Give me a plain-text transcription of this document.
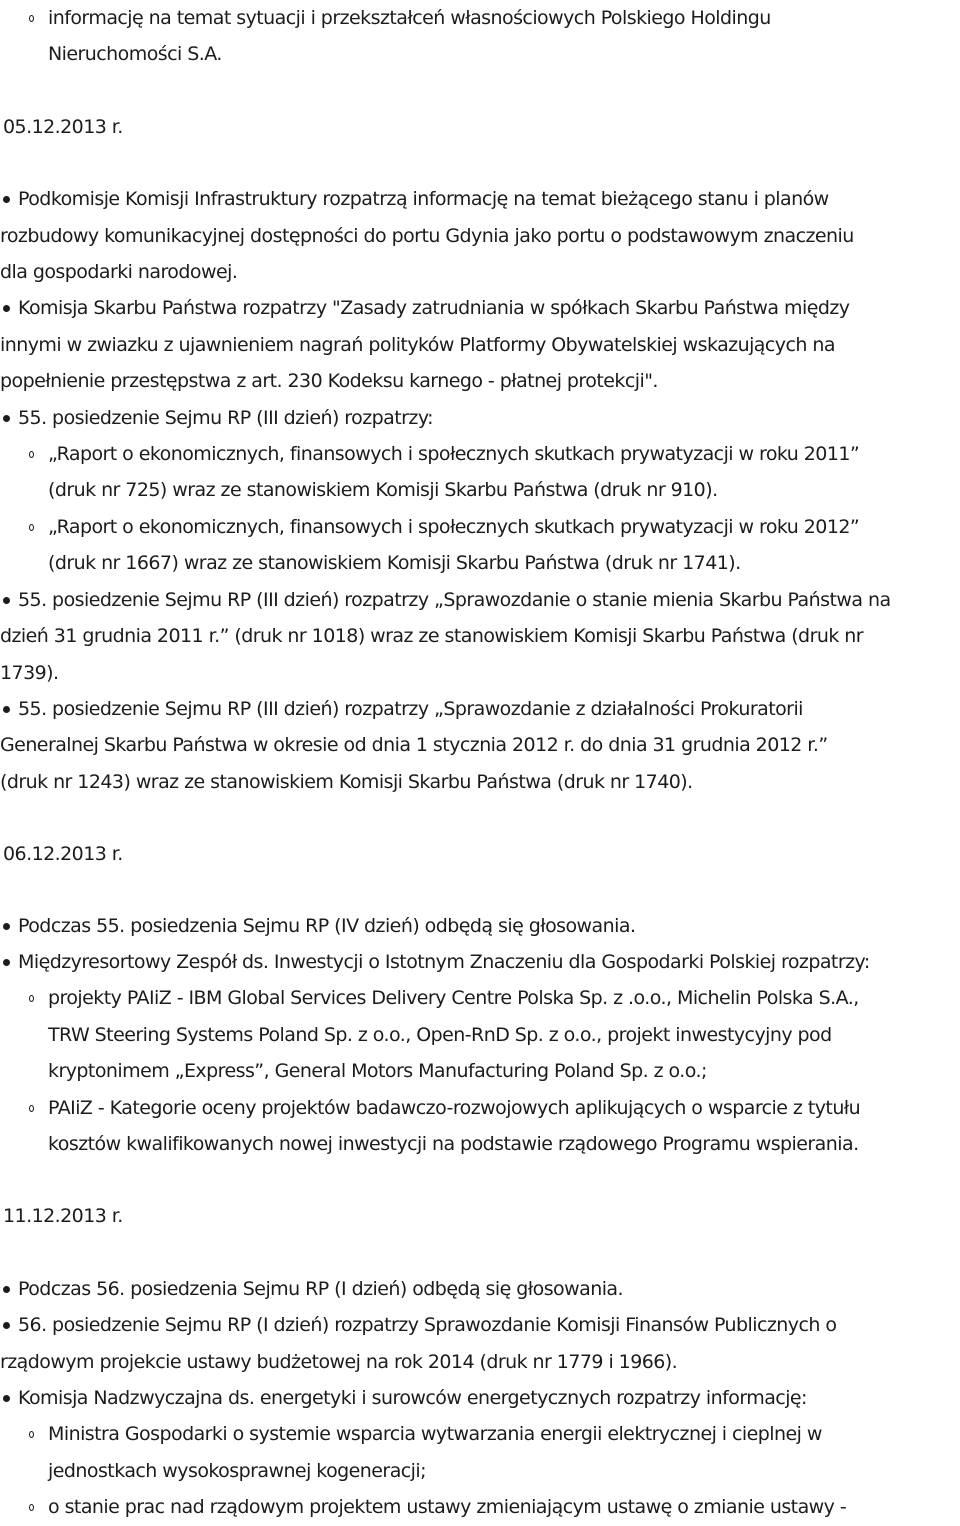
informację na temat sytuacji i przekształceń własnościowych Polskiego Holdingu
Nieruchomości S.A.
05.12.2013 r.
Podkomisje Komisji Infrastruktury rozpatrzą informację na temat bieżącego stanu i planów
rozbudowy komunikacyjnej dostępności do portu Gdynia jako portu o podstawowym znaczeniu
dla gospodarki narodowej.
Komisja Skarbu Państwa rozpatrzy "Zasady zatrudniania w spółkach Skarbu Państwa między
innymi w zwiazku z ujawnieniem nagrań polityków Platformy Obywatelskiej wskazujących na
popełnienie przestępstwa z art. 230 Kodeksu karnego - płatnej protekcji".
55. posiedzenie Sejmu RP (III dzień) rozpatrzy:
„Raport o ekonomicznych, finansowych i społecznych skutkach prywatyzacji w roku 2011”
(druk nr 725) wraz ze stanowiskiem Komisji Skarbu Państwa (druk nr 910).
„Raport o ekonomicznych, finansowych i społecznych skutkach prywatyzacji w roku 2012”
(druk nr 1667) wraz ze stanowiskiem Komisji Skarbu Państwa (druk nr 1741).
55. posiedzenie Sejmu RP (III dzień) rozpatrzy „Sprawozdanie o stanie mienia Skarbu Państwa na
dzień 31 grudnia 2011 r.” (druk nr 1018) wraz ze stanowiskiem Komisji Skarbu Państwa (druk nr
1739).
55. posiedzenie Sejmu RP (III dzień) rozpatrzy „Sprawozdanie z działalności Prokuratorii
Generalnej Skarbu Państwa w okresie od dnia 1 stycznia 2012 r. do dnia 31 grudnia 2012 r.”
(druk nr 1243) wraz ze stanowiskiem Komisji Skarbu Państwa (druk nr 1740).
06.12.2013 r.
Podczas 55. posiedzenia Sejmu RP (IV dzień) odbędą się głosowania.
Międzyresortowy Zespół ds. Inwestycji o Istotnym Znaczeniu dla Gospodarki Polskiej rozpatrzy:
projekty PAIiZ - IBM Global Services Delivery Centre Polska Sp. z .o.o., Michelin Polska S.A.,
TRW Steering Systems Poland Sp. z o.o., Open-RnD Sp. z o.o., projekt inwestycyjny pod
kryptonimem „Express”, General Motors Manufacturing Poland Sp. z o.o.;
PAIiZ - Kategorie oceny projektów badawczo-rozwojowych aplikujących o wsparcie z tytułu
kosztów kwalifikowanych nowej inwestycji na podstawie rządowego Programu wspierania.
11.12.2013 r.
Podczas 56. posiedzenia Sejmu RP (I dzień) odbędą się głosowania.
56. posiedzenie Sejmu RP (I dzień) rozpatrzy Sprawozdanie Komisji Finansów Publicznych o
rządowym projekcie ustawy budżetowej na rok 2014 (druk nr 1779 i 1966).
Komisja Nadzwyczajna ds. energetyki i surowców energetycznych rozpatrzy informację:
Ministra Gospodarki o systemie wsparcia wytwarzania energii elektrycznej i cieplnej w
jednostkach wysokosprawnej kogeneracji;
o stanie prac nad rządowym projektem ustawy zmieniającym ustawę o zmianie ustawy -
